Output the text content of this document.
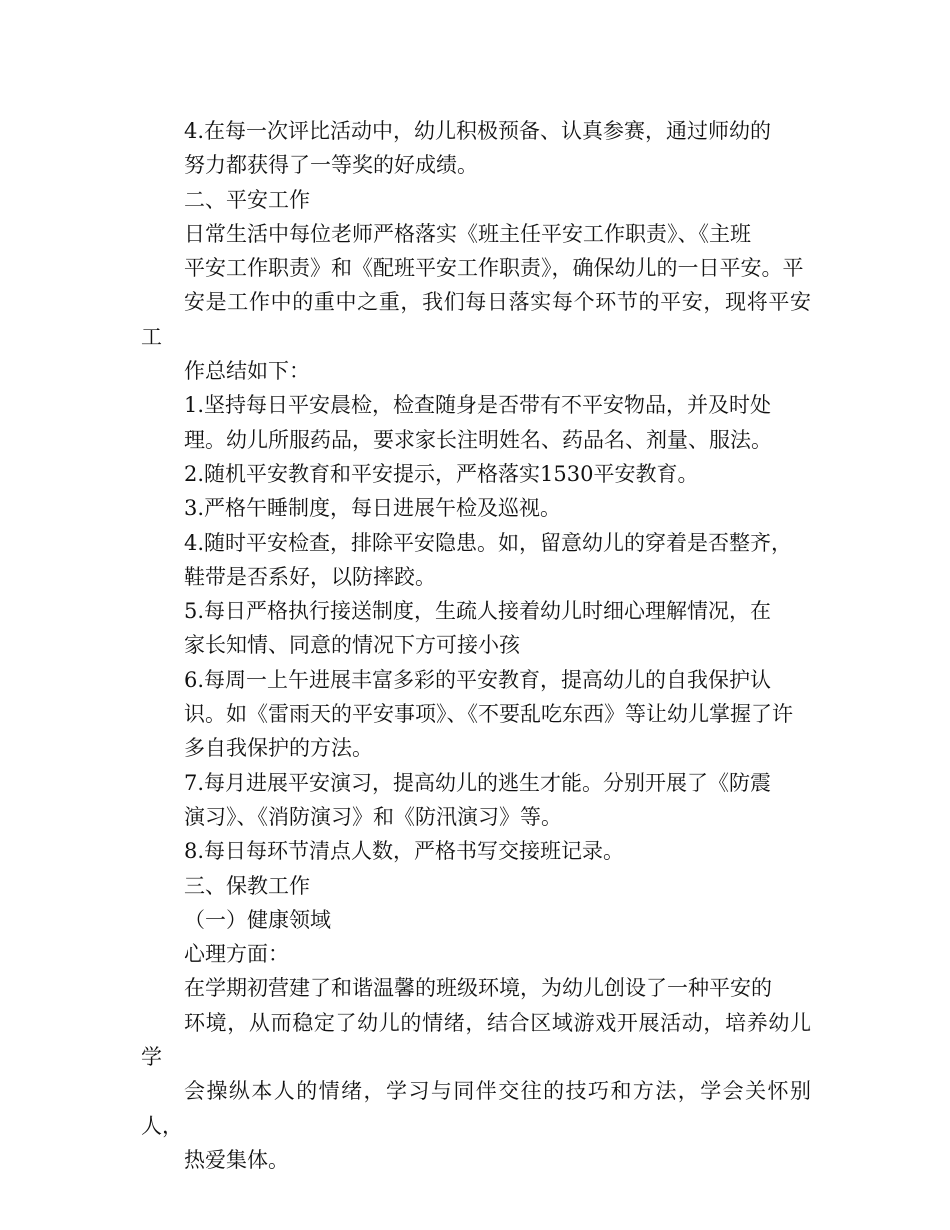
4.在每一次评比活动中，幼儿积极预备、认真参赛，通过师幼的
努力都获得了一等奖的好成绩。

二、平安工作

日常生活中每位老师严格落实《班主任平安工作职责》、《主班
平安工作职责》和《配班平安工作职责》，确保幼儿的一日平安。平
安是工作中的重中之重，我们每日落实每个环节的平安，现将平安工
作总结如下：

1.坚持每日平安晨检，检查随身是否带有不平安物品，并及时处
理。幼儿所服药品，要求家长注明姓名、药品名、剂量、服法。

2.随机平安教育和平安提示，严格落实1530平安教育。

3.严格午睡制度，每日进展午检及巡视。

4.随时平安检查，排除平安隐患。如，留意幼儿的穿着是否整齐，
鞋带是否系好，以防摔跤。

5.每日严格执行接送制度，生疏人接着幼儿时细心理解情况，在
家长知情、同意的情况下方可接小孩

6.每周一上午进展丰富多彩的平安教育，提高幼儿的自我保护认
识。如《雷雨天的平安事项》、《不要乱吃东西》等让幼儿掌握了许
多自我保护的方法。

7.每月进展平安演习，提高幼儿的逃生才能。分别开展了《防震
演习》、《消防演习》和《防汛演习》等。

8.每日每环节清点人数，严格书写交接班记录。

三、保教工作

（一）健康领域

心理方面：

在学期初营建了和谐温馨的班级环境，为幼儿创设了一种平安的
环境，从而稳定了幼儿的情绪，结合区域游戏开展活动，培养幼儿学
会操纵本人的情绪，学习与同伴交往的技巧和方法，学会关怀别人，
热爱集体。
